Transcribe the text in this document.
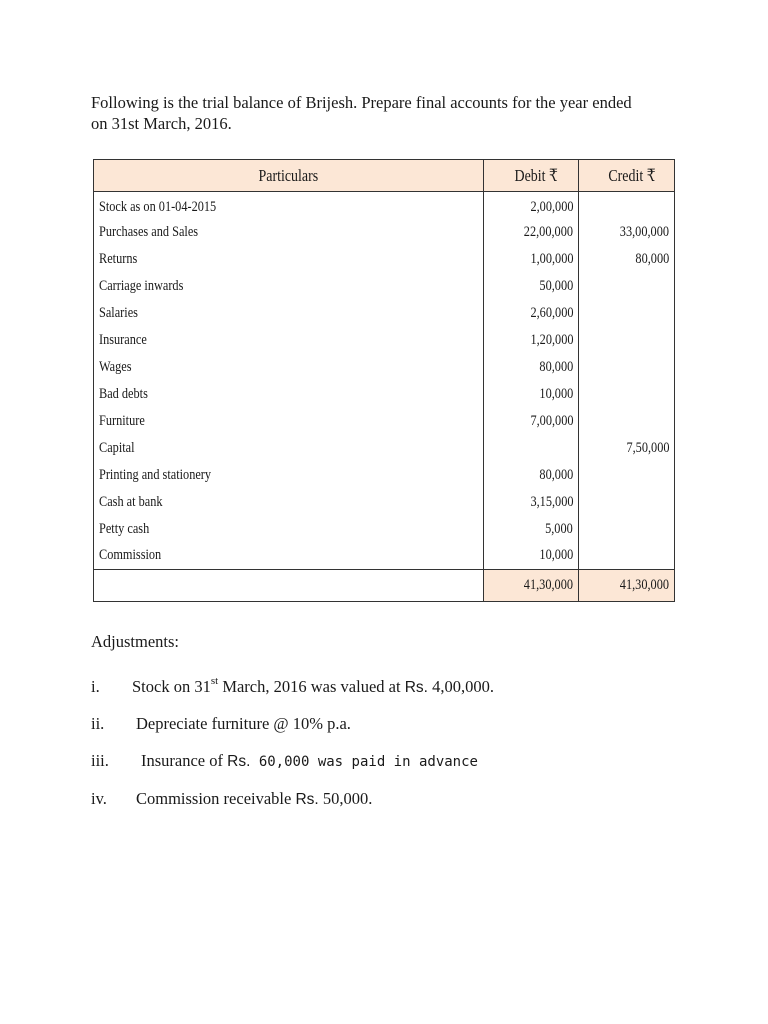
Following is the trial balance of Brijesh. Prepare final accounts for the year ended
on 31st March, 2016.
Particulars	Debit ₹	Credit ₹
Stock as on 01-04-2015	2,00,000	
Purchases and Sales	22,00,000	33,00,000
Returns	1,00,000	80,000
Carriage inwards	50,000	
Salaries	2,60,000	
Insurance	1,20,000	
Wages	80,000	
Bad debts	10,000	
Furniture	7,00,000	
Capital		7,50,000
Printing and stationery	80,000	
Cash at bank	3,15,000	
Petty cash	5,000	
Commission	10,000	
	41,30,000	41,30,000
Adjustments:
i. Stock on 31st March, 2016 was valued at Rs. 4,00,000.
ii. Depreciate furniture @ 10% p.a.
iii. Insurance of Rs. 60,000 was paid in advance
iv. Commission receivable Rs. 50,000.
